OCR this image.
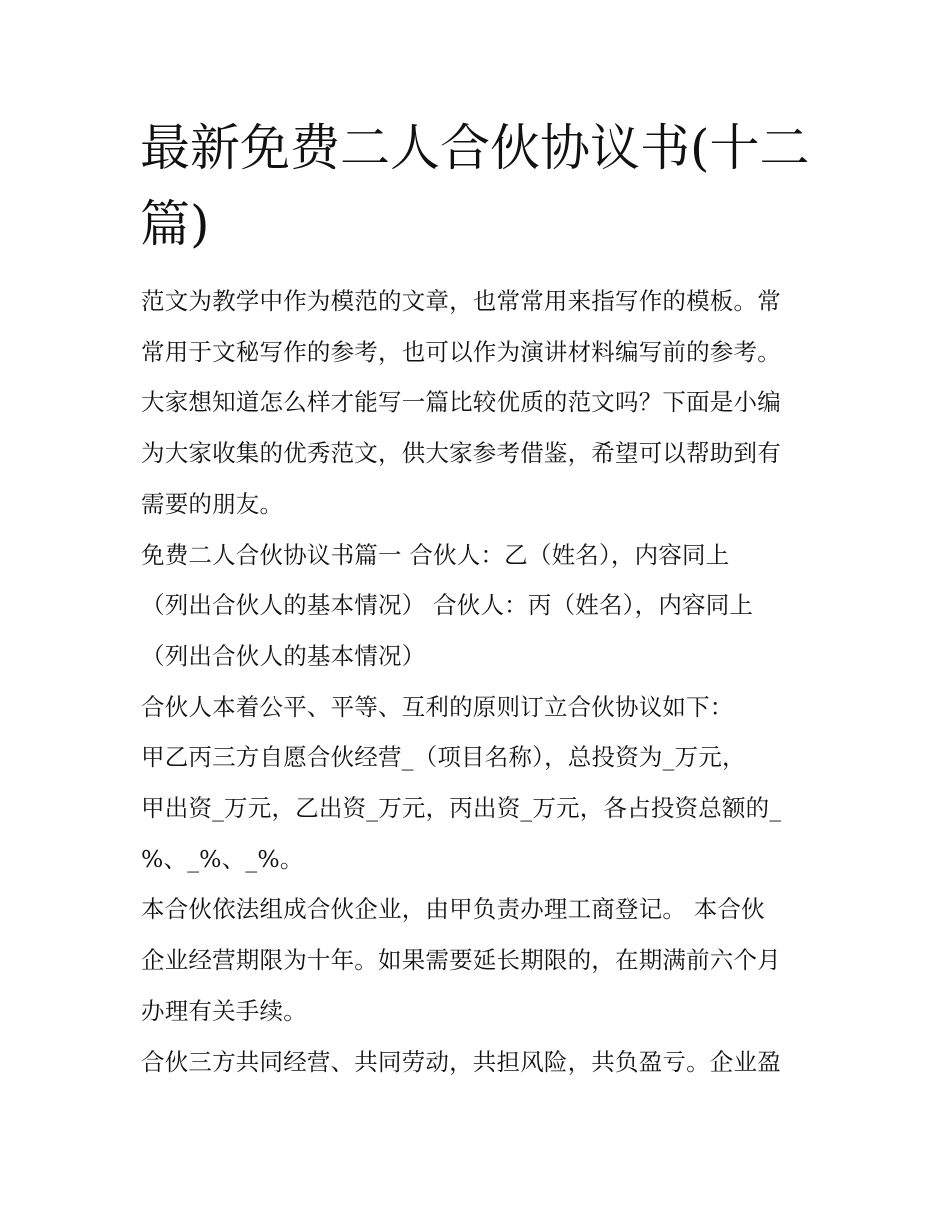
最新免费二人合伙协议书(十二
篇)

范文为教学中作为模范的文章，也常常用来指写作的模板。常
常用于文秘写作的参考，也可以作为演讲材料编写前的参考。
大家想知道怎么样才能写一篇比较优质的范文吗？下面是小编
为大家收集的优秀范文，供大家参考借鉴，希望可以帮助到有
需要的朋友。

免费二人合伙协议书篇一 合伙人：乙（姓名），内容同上
（列出合伙人的基本情况） 合伙人：丙（姓名），内容同上
（列出合伙人的基本情况）

合伙人本着公平、平等、互利的原则订立合伙协议如下：

甲乙丙三方自愿合伙经营_（项目名称），总投资为_万元，
甲出资_万元，乙出资_万元，丙出资_万元，各占投资总额的_
%、_%、_%。

本合伙依法组成合伙企业，由甲负责办理工商登记。 本合伙
企业经营期限为十年。如果需要延长期限的，在期满前六个月
办理有关手续。

合伙三方共同经营、共同劳动，共担风险，共负盈亏。企业盈
